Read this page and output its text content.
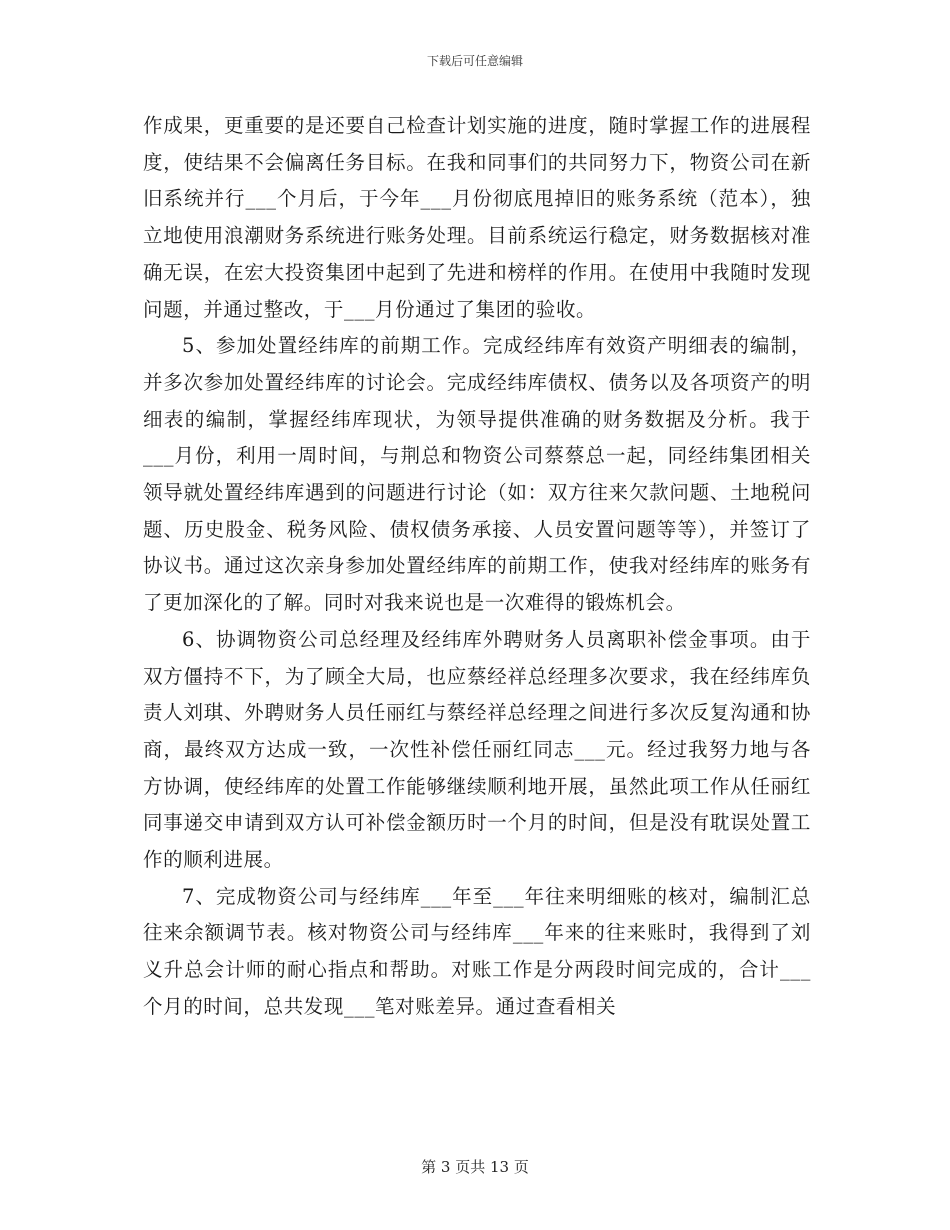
下载后可任意编辑

作成果，更重要的是还要自己检查计划实施的进度，随时掌握工作的进展程度，使结果不会偏离任务目标。在我和同事们的共同努力下，物资公司在新旧系统并行___个月后，于今年___月份彻底甩掉旧的账务系统（范本），独立地使用浪潮财务系统进行账务处理。目前系统运行稳定，财务数据核对准确无误，在宏大投资集团中起到了先进和榜样的作用。在使用中我随时发现问题，并通过整改，于___月份通过了集团的验收。

5、参加处置经纬库的前期工作。完成经纬库有效资产明细表的编制，并多次参加处置经纬库的讨论会。完成经纬库债权、债务以及各项资产的明细表的编制，掌握经纬库现状，为领导提供准确的财务数据及分析。我于___月份，利用一周时间，与荆总和物资公司蔡蔡总一起，同经纬集团相关领导就处置经纬库遇到的问题进行讨论（如：双方往来欠款问题、土地税问题、历史股金、税务风险、债权债务承接、人员安置问题等等），并签订了协议书。通过这次亲身参加处置经纬库的前期工作，使我对经纬库的账务有了更加深化的了解。同时对我来说也是一次难得的锻炼机会。

6、协调物资公司总经理及经纬库外聘财务人员离职补偿金事项。由于双方僵持不下，为了顾全大局，也应蔡经祥总经理多次要求，我在经纬库负责人刘琪、外聘财务人员任丽红与蔡经祥总经理之间进行多次反复沟通和协商，最终双方达成一致，一次性补偿任丽红同志___元。经过我努力地与各方协调，使经纬库的处置工作能够继续顺利地开展，虽然此项工作从任丽红同事递交申请到双方认可补偿金额历时一个月的时间，但是没有耽误处置工作的顺利进展。

7、完成物资公司与经纬库___年至___年往来明细账的核对，编制汇总往来余额调节表。核对物资公司与经纬库___年来的往来账时，我得到了刘义升总会计师的耐心指点和帮助。对账工作是分两段时间完成的，合计___个月的时间，总共发现___笔对账差异。通过查看相关

第 3 页共 13 页
